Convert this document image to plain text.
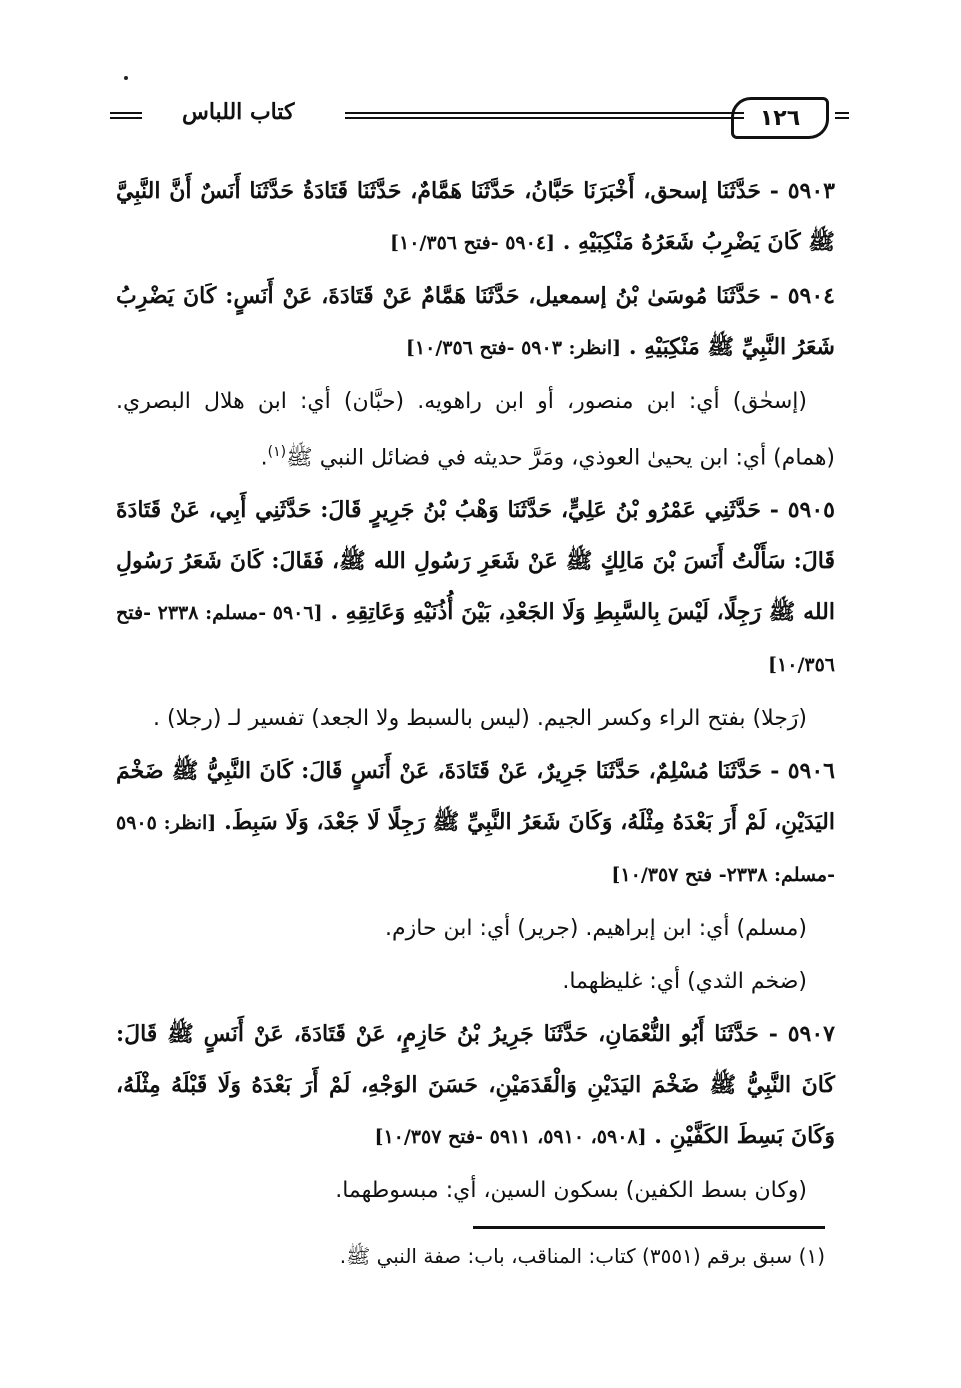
كتاب اللباس	١٢٦

٥٩٠٣ - حَدَّثَنَا إسحق، أَخْبَرَنَا حَبَّانُ، حَدَّثَنَا هَمَّامٌ، حَدَّثَنَا قَتَادَةُ حَدَّثَنَا أَنَسٌ أَنَّ النَّبِيَّ ﷺ كَانَ يَضْرِبُ شَعَرُهُ مَنْكِبَيْهِ . [٥٩٠٤ -فتح ١٠/٣٥٦]

٥٩٠٤ - حَدَّثَنَا مُوسَىٰ بْنُ إسمعيل، حَدَّثَنَا هَمَّامٌ عَنْ قَتَادَةَ، عَنْ أَنَسٍ: كَانَ يَضْرِبُ شَعَرُ النَّبِيِّ ﷺ مَنْكِبَيْهِ . [انظر: ٥٩٠٣ -فتح ١٠/٣٥٦]

(إسحٰق) أي: ابن منصور، أو ابن راهويه. (حبَّان) أي: ابن هلال البصري. (همام) أي: ابن يحيىٰ العوذي، ومَرَّ حديثه في فضائل النبي ﷺ$^{(١)}$.

٥٩٠٥ - حَدَّثَنِي عَمْرُو بْنُ عَلِيٍّ، حَدَّثَنَا وَهْبُ بْنُ جَرِيرٍ قَالَ: حَدَّثَنِي أَبِي، عَنْ قَتَادَةَ قَالَ: سَأَلْتُ أَنَسَ بْنَ مَالِكٍ ﷺ عَنْ شَعَرِ رَسُولِ الله ﷺ، فَقَالَ: كَانَ شَعَرُ رَسُولِ الله ﷺ رَجِلًا، لَيْسَ بِالسَّبِطِ وَلَا الجَعْدِ، بَيْنَ أُذُنَيْهِ وَعَاتِقِهِ . [٥٩٠٦ -مسلم: ٢٣٣٨ -فتح ١٠/٣٥٦]

(رَجلا) بفتح الراء وكسر الجيم. (ليس بالسبط ولا الجعد) تفسير لـ (رجلا) .

٥٩٠٦ - حَدَّثَنَا مُسْلِمٌ، حَدَّثَنَا جَرِيرٌ، عَنْ قَتَادَةَ، عَنْ أَنَسٍ قَالَ: كَانَ النَّبِيُّ ﷺ ضَخْمَ اليَدَيْنِ، لَمْ أَرَ بَعْدَهُ مِثْلَهُ، وَكَانَ شَعَرُ النَّبِيِّ ﷺ رَجِلًا لَا جَعْدَ، وَلَا سَبِطَ. [انظر: ٥٩٠٥ -مسلم: ٢٣٣٨- فتح ١٠/٣٥٧]

(مسلم) أي: ابن إبراهيم. (جرير) أي: ابن حازم.

(ضخم الثدي) أي: غليظهما.

٥٩٠٧ - حَدَّثَنَا أَبُو النُّعْمَانِ، حَدَّثَنَا جَرِيرُ بْنُ حَازِمٍ، عَنْ قَتَادَةَ، عَنْ أَنَسٍ ﷺ قَالَ: كَانَ النَّبِيُّ ﷺ ضَخْمَ اليَدَيْنِ وَالْقَدَمَيْنِ، حَسَنَ الوَجْهِ، لَمْ أَرَ بَعْدَهُ وَلَا قَبْلَهُ مِثْلَهُ، وَكَانَ بَسِطَ الكَفَّيْنِ . [٥٩٠٨، ٥٩١٠، ٥٩١١ -فتح ١٠/٣٥٧]

(وكان بسط الكفين) بسكون السين، أي: مبسوطهما.

(١) سبق برقم (٣٥٥١) كتاب: المناقب، باب: صفة النبي ﷺ.
